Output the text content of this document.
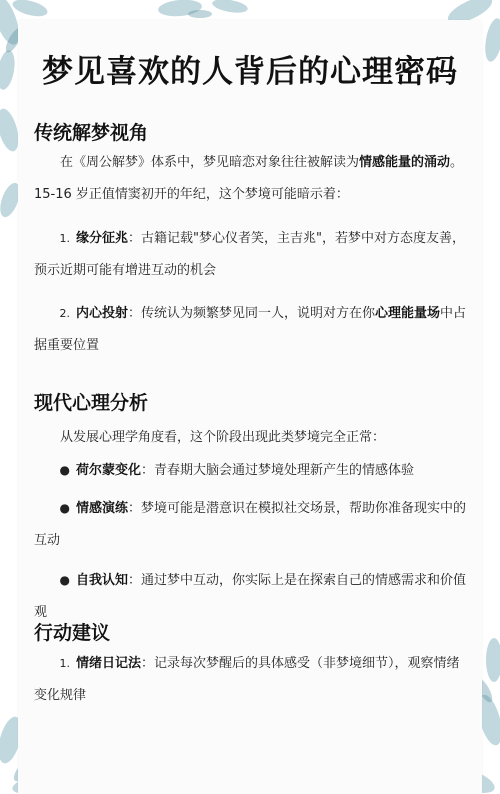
梦见喜欢的人背后的心理密码
传统解梦视角
在《周公解梦》体系中，梦见暗恋对象往往被解读为情感能量的涌动。15-16 岁正值情窦初开的年纪，这个梦境可能暗示着：
1. 缘分征兆：古籍记载"梦心仪者笑，主吉兆"，若梦中对方态度友善，预示近期可能有增进互动的机会
2. 内心投射：传统认为频繁梦见同一人，说明对方在你心理能量场中占据重要位置
现代心理分析
从发展心理学角度看，这个阶段出现此类梦境完全正常：
● 荷尔蒙变化：青春期大脑会通过梦境处理新产生的情感体验
● 情感演练：梦境可能是潜意识在模拟社交场景，帮助你准备现实中的互动
● 自我认知：通过梦中互动，你实际上是在探索自己的情感需求和价值观
行动建议
1. 情绪日记法：记录每次梦醒后的具体感受（非梦境细节），观察情绪变化规律
